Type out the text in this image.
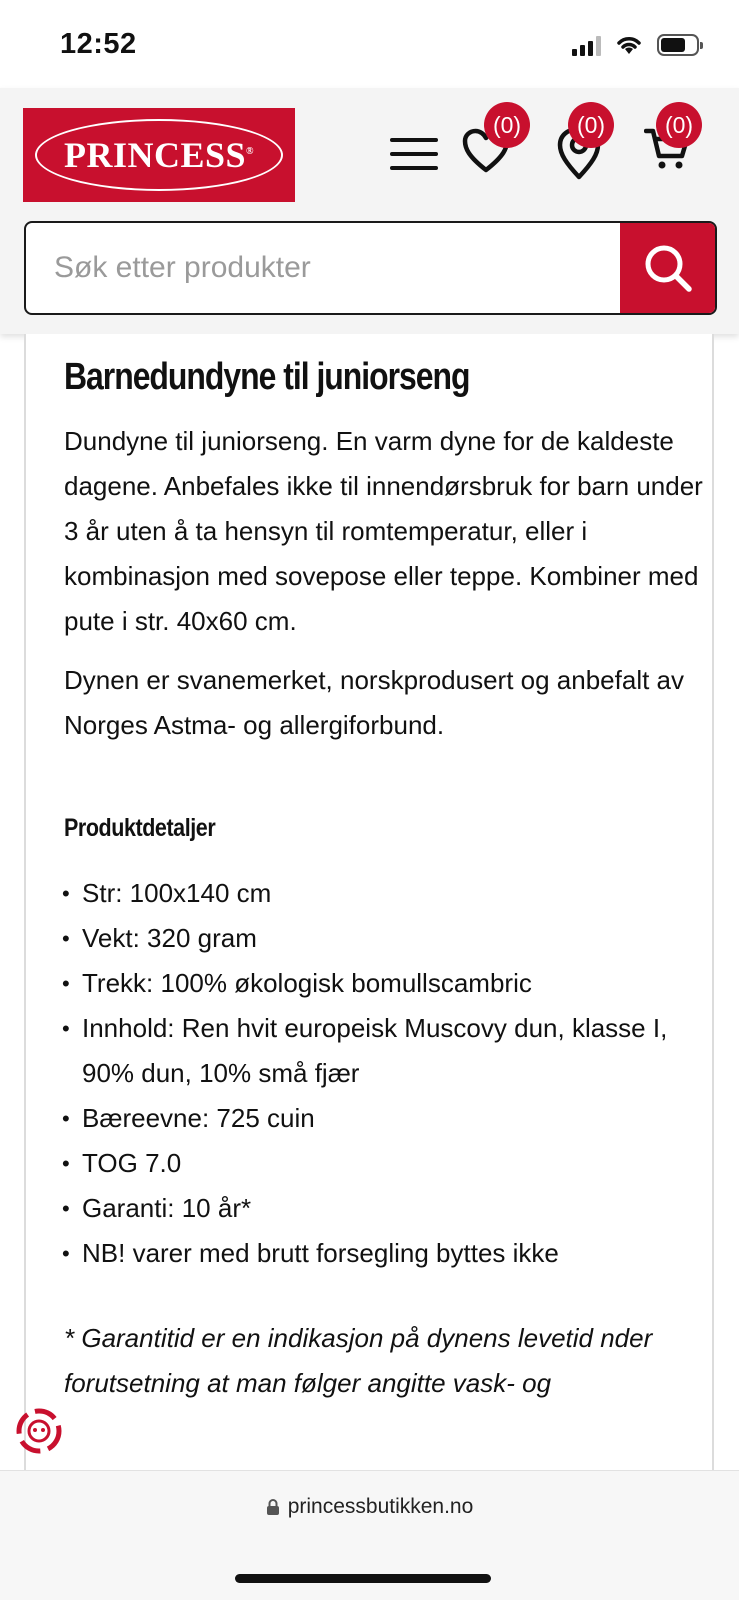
12:52
PRINCESS®
(0)	(0)	(0)
Søk etter produkter
Barnedundyne til juniorseng

Dundyne til juniorseng. En varm dyne for de kaldeste dagene. Anbefales ikke til innendørsbruk for barn under 3 år uten å ta hensyn til romtemperatur, eller i kombinasjon med sovepose eller teppe. Kombiner med pute i str. 40x60 cm.

Dynen er svanemerket, norskprodusert og anbefalt av Norges Astma- og allergiforbund.

Produktdetaljer
• Str: 100x140 cm
• Vekt: 320 gram
• Trekk: 100% økologisk bomullscambric
• Innhold: Ren hvit europeisk Muscovy dun, klasse I, 90% dun, 10% små fjær
• Bæreevne: 725 cuin
• TOG 7.0
• Garanti: 10 år*
• NB! varer med brutt forsegling byttes ikke

* Garantitid er en indikasjon på dynens levetid nder forutsetning at man følger angitte vask- og

princessbutikken.no
